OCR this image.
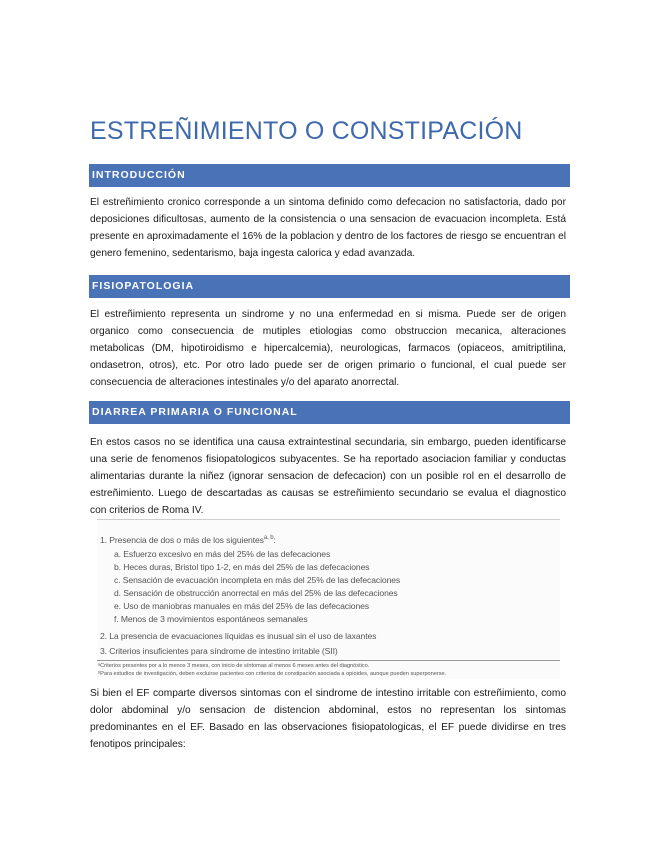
ESTREÑIMIENTO O CONSTIPACIÓN
INTRODUCCIÓN

El estreñimiento cronico corresponde a un sintoma definido como defecacion no satisfactoria, dado por deposiciones dificultosas, aumento de la consistencia o una sensacion de evacuacion incompleta. Está presente en aproximadamente el 16% de la poblacion y dentro de los factores de riesgo se encuentran el genero femenino, sedentarismo, baja ingesta calorica y edad avanzada.

FISIOPATOLOGIA

El estreñimiento representa un sindrome y no una enfermedad en si misma. Puede ser de origen organico como consecuencia de mutiples etiologias como obstruccion mecanica, alteraciones metabolicas (DM, hipotiroidismo e hipercalcemia), neurologicas, farmacos (opiaceos, amitriptilina, ondasetron, otros), etc. Por otro lado puede ser de origen primario o funcional, el cual puede ser consecuencia de alteraciones intestinales y/o del aparato anorrectal.

DIARREA PRIMARIA O FUNCIONAL

En estos casos no se identifica una causa extraintestinal secundaria, sin embargo, pueden identificarse una serie de fenomenos fisiopatologicos subyacentes. Se ha reportado asociacion familiar y conductas alimentarias durante la niñez (ignorar sensacion de defecacion) con un posible rol en el desarrollo de estreñimiento. Luego de descartadas as causas se estreñimiento secundario se evalua el diagnostico con criterios de Roma IV.

1. Presencia de dos o más de los siguientes$^{a, b}$:
a. Esfuerzo excesivo en más del 25% de las defecaciones
b. Heces duras, Bristol tipo 1-2, en más del 25% de las defecaciones
c. Sensación de evacuación incompleta en más del 25% de las defecaciones
d. Sensación de obstrucción anorrectal en más del 25% de las defecaciones
e. Uso de maniobras manuales en más del 25% de las defecaciones
f. Menos de 3 movimientos espontáneos semanales
2. La presencia de evacuaciones líquidas es inusual sin el uso de laxantes
3. Criterios insuficientes para síndrome de intestino irritable (SII)
ᵃCriterios presentes por a lo menos 3 meses, con inicio de síntomas al menos 6 meses antes del diagnóstico.
ᵇPara estudios de investigación, deben excluirse pacientes con criterios de constipación asociada a opioides, aunque pueden superponerse.

Si bien el EF comparte diversos sintomas con el sindrome de intestino irritable con estreñimiento, como dolor abdominal y/o sensacion de distencion abdominal, estos no representan los sintomas predominantes en el EF. Basado en las observaciones fisiopatologicas, el EF puede dividirse en tres fenotipos principales:
